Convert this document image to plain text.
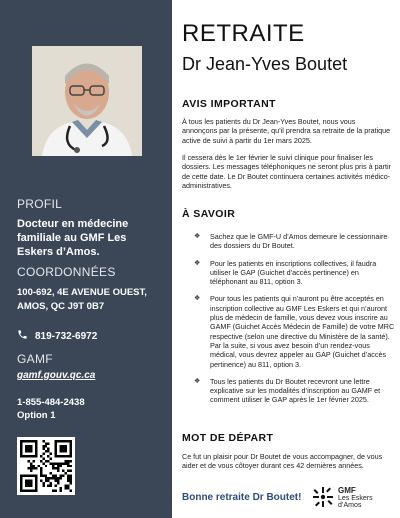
PROFIL
Docteur en médecine familiale au GMF Les Eskers d’Amos.
COORDONNÉES
100-692, 4E AVENUE OUEST,
AMOS, QC J9T 0B7
819-732-6972
GAMF
gamf.gouv.qc.ca
1-855-484-2438
Option 1
RETRAITE
Dr Jean-Yves Boutet
AVIS IMPORTANT
À tous les patients du Dr Jean-Yves Boutet, nous vous annonçons par la présente, qu’il prendra sa retraite de la pratique active de suivi à partir du 1er mars 2025.
Il cessera dès le 1er février le suivi clinique pour finaliser les dossiers. Les messages téléphoniques ne seront plus pris à partir de cette date. Le Dr Boutet continuera certaines activités médico-administratives.
À SAVOIR
❖ Sachez que le GMF-U d’Amos demeure le cessionnaire des dossiers du Dr Boutet.
❖ Pour les patients en inscriptions collectives, il faudra utiliser le GAP (Guichet d’accès pertinence) en téléphonant au 811, option 3.
❖ Pour tous les patients qui n’auront pu être acceptés en inscription collective au GMF Les Eskers et qui n’auront plus de médecin de famille, vous devez vous inscrire au GAMF (Guichet Accès Médecin de Famille) de votre MRC respective (selon une directive du Ministère de la santé). Par la suite, si vous avez besoin d’un rendez-vous médical, vous devrez appeler au GAP (Guichet d’accès pertinence) au 811, option 3.
❖ Tous les patients du Dr Boutet recevront une lettre explicative sur les modalités d’inscription au GAMF et comment utiliser le GAP après le 1er février 2025.
MOT DE DÉPART
Ce fut un plaisir pour Dr Boutet de vous accompagner, de vous aider et de vous côtoyer durant ces 42 dernières années.
Bonne retraite Dr Boutet!
GMF
Les Eskers
d’Amos
